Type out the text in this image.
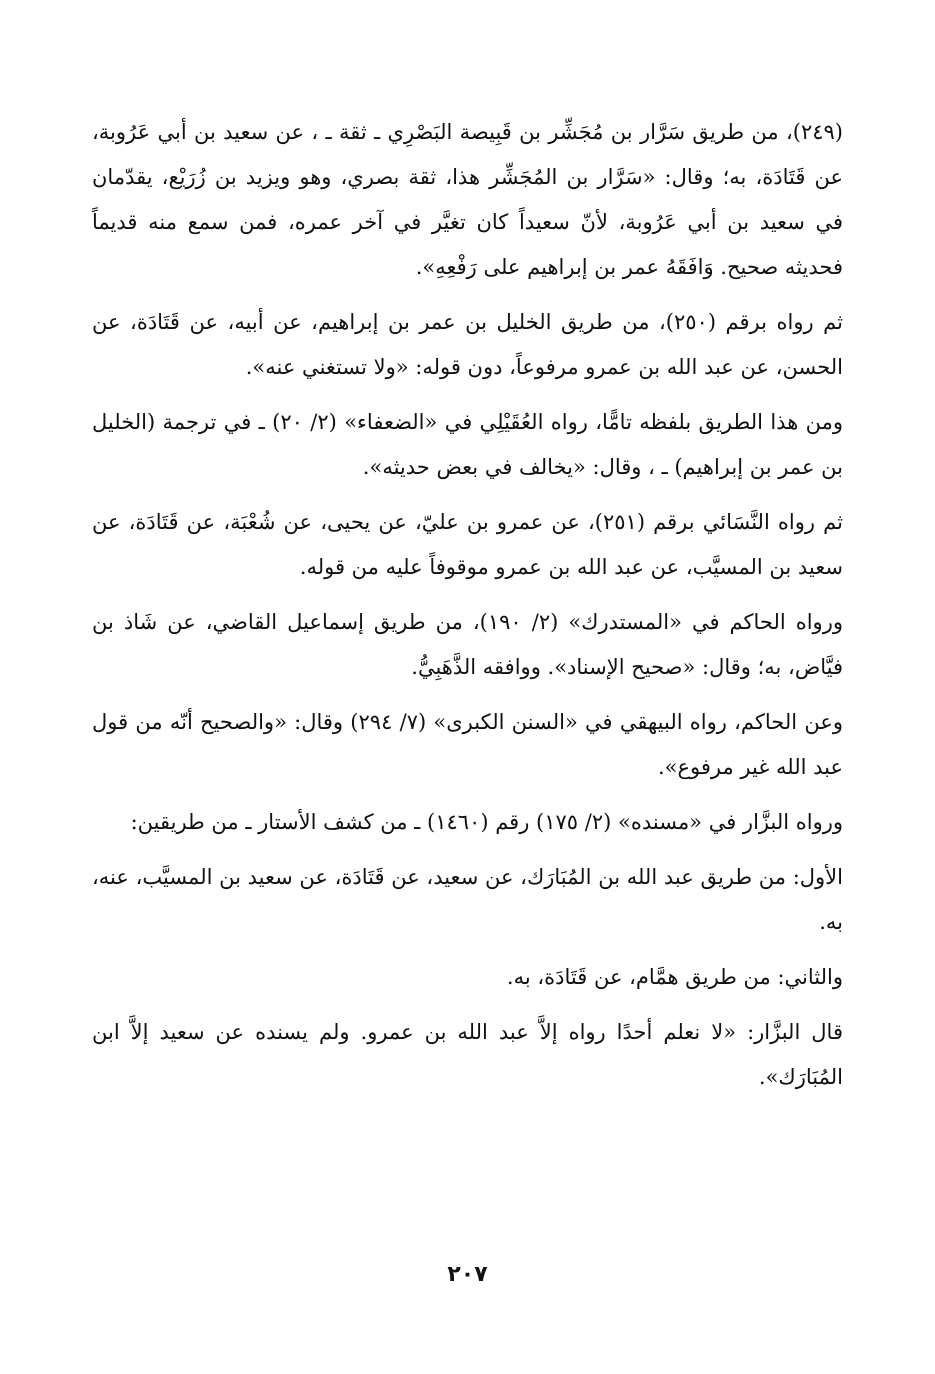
(٢٤٩)، من طريق سَرَّار بن مُجَشِّر بن قَبِيصة البَصْرِي ـ ثقة ـ ، عن سعيد بن أبي عَرُوبة، عن قَتَادَة، به؛ وقال: «سَرَّار بن المُجَشِّر هذا، ثقة بصري، وهو ويزيد بن زُرَيْع، يقدّمان في سعيد بن أبي عَرُوبة، لأنّ سعيداً كان تغيَّر في آخر عمره، فمن سمع منه قديماً فحديثه صحيح. وَافَقَهُ عمر بن إبراهيم على رَفْعِهِ».

ثم رواه برقم (٢٥٠)، من طريق الخليل بن عمر بن إبراهيم، عن أبيه، عن قَتَادَة، عن الحسن، عن عبد الله بن عمرو مرفوعاً، دون قوله: «ولا تستغني عنه».

ومن هذا الطريق بلفظه تامًّا، رواه العُقَيْلِي في «الضعفاء» (٢/ ٢٠) ـ في ترجمة (الخليل بن عمر بن إبراهيم) ـ ، وقال: «يخالف في بعض حديثه».

ثم رواه النَّسَائي برقم (٢٥١)، عن عمرو بن عليّ، عن يحيى، عن شُعْبَة، عن قَتَادَة، عن سعيد بن المسيَّب، عن عبد الله بن عمرو موقوفاً عليه من قوله.

ورواه الحاكم في «المستدرك» (٢/ ١٩٠)، من طريق إسماعيل القاضي، عن شَاذ بن فيَّاض، به؛ وقال: «صحيح الإسناد». ووافقه الذَّهَبِيُّ.

وعن الحاكم، رواه البيهقي في «السنن الكبرى» (٧/ ٢٩٤) وقال: «والصحيح أنّه من قول عبد الله غير مرفوع».

ورواه البزَّار في «مسنده» (٢/ ١٧٥) رقم (١٤٦٠) ـ من كشف الأستار ـ من طريقين:

الأول: من طريق عبد الله بن المُبَارَك، عن سعيد، عن قَتَادَة، عن سعيد بن المسيَّب، عنه، به.

والثاني: من طريق همَّام، عن قَتَادَة، به.

قال البزَّار: «لا نعلم أحدًا رواه إلاَّ عبد الله بن عمرو. ولم يسنده عن سعيد إلاَّ ابن المُبَارَك».

٢٠٧
